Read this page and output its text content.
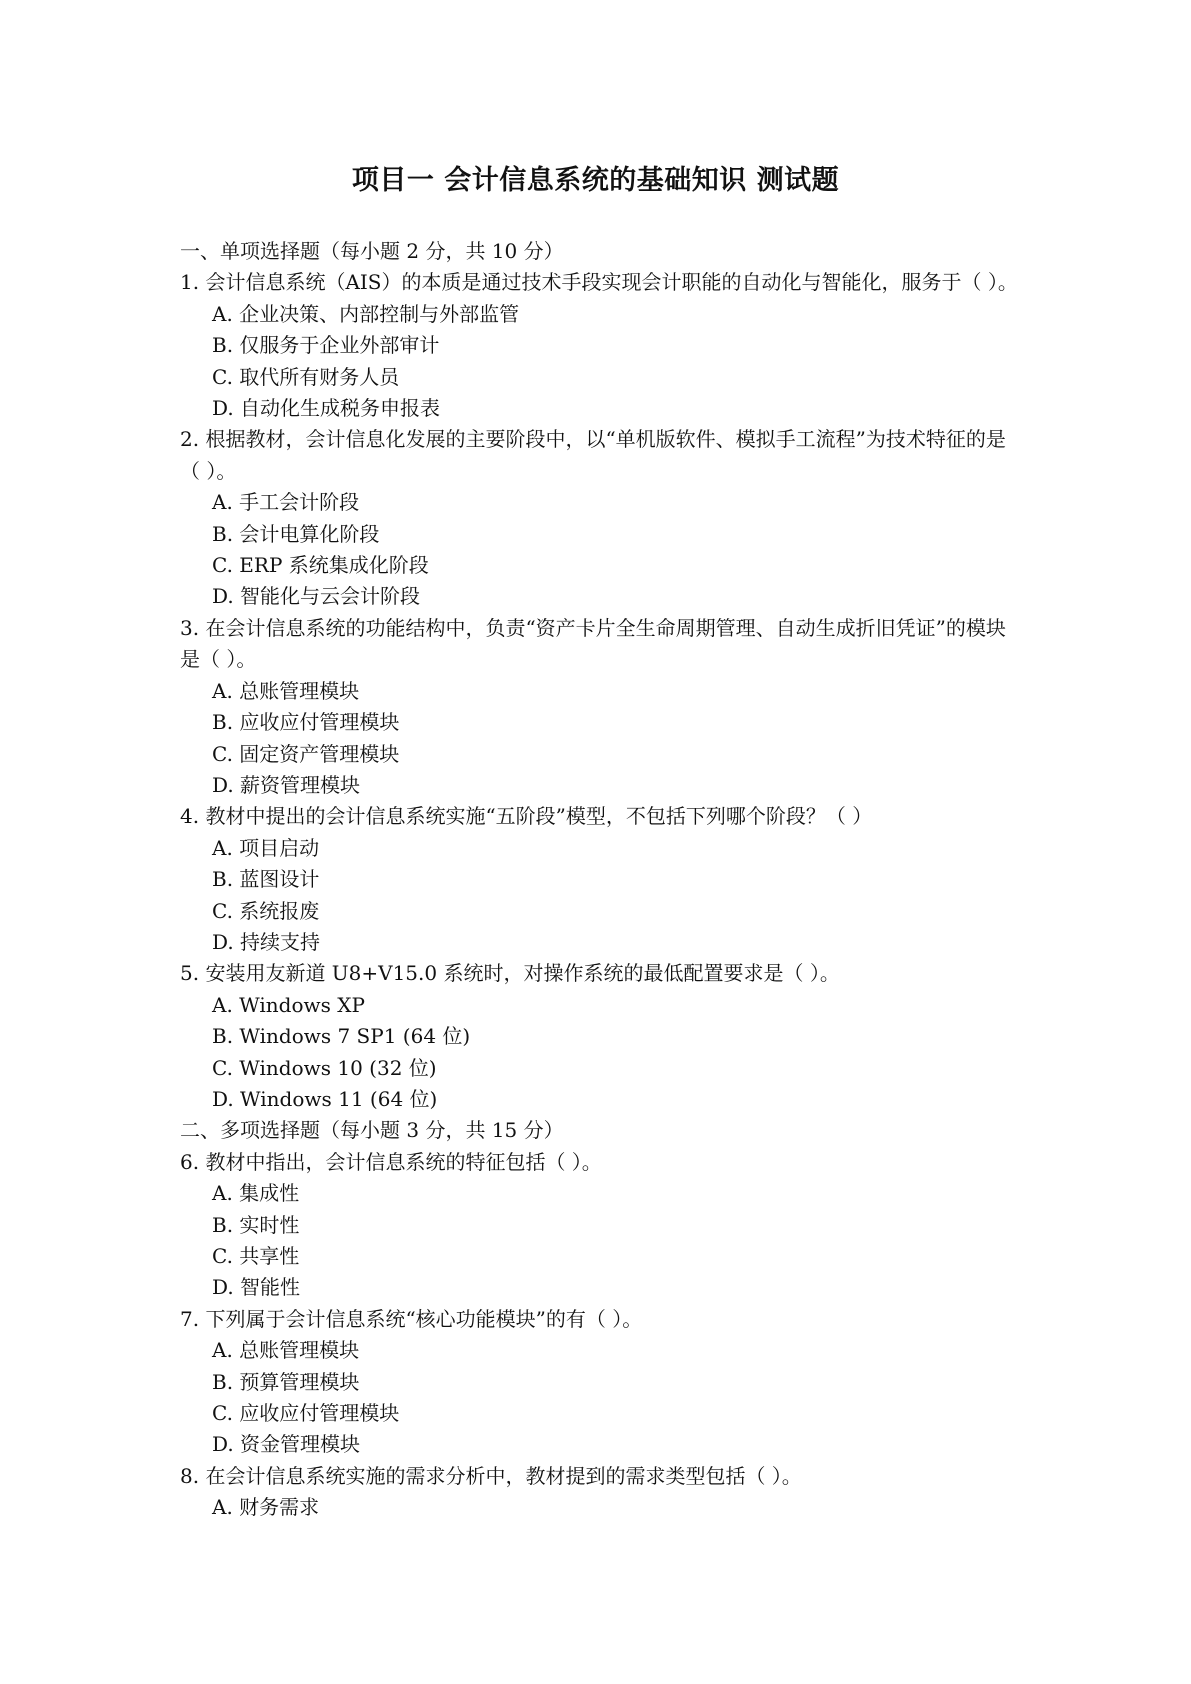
项目一 会计信息系统的基础知识 测试题

一、单项选择题（每小题 2 分，共 10 分）

1. 会计信息系统（AIS）的本质是通过技术手段实现会计职能的自动化与智能化，服务于（ ）。

A. 企业决策、内部控制与外部监管

B. 仅服务于企业外部审计

C. 取代所有财务人员

D. 自动化生成税务申报表

2. 根据教材，会计信息化发展的主要阶段中，以“单机版软件、模拟手工流程”为技术特征的是（ ）。

A. 手工会计阶段

B. 会计电算化阶段

C. ERP 系统集成化阶段

D. 智能化与云会计阶段

3. 在会计信息系统的功能结构中，负责“资产卡片全生命周期管理、自动生成折旧凭证”的模块是（ ）。

A. 总账管理模块

B. 应收应付管理模块

C. 固定资产管理模块

D. 薪资管理模块

4. 教材中提出的会计信息系统实施“五阶段”模型，不包括下列哪个阶段？（ ）

A. 项目启动

B. 蓝图设计

C. 系统报废

D. 持续支持

5. 安装用友新道 U8+V15.0 系统时，对操作系统的最低配置要求是（ ）。

A. Windows XP

B. Windows 7 SP1 (64 位)

C. Windows 10 (32 位)

D. Windows 11 (64 位)

二、多项选择题（每小题 3 分，共 15 分）

6. 教材中指出，会计信息系统的特征包括（ ）。

A. 集成性

B. 实时性

C. 共享性

D. 智能性

7. 下列属于会计信息系统“核心功能模块”的有（ ）。

A. 总账管理模块

B. 预算管理模块

C. 应收应付管理模块

D. 资金管理模块

8. 在会计信息系统实施的需求分析中，教材提到的需求类型包括（ ）。

A. 财务需求
